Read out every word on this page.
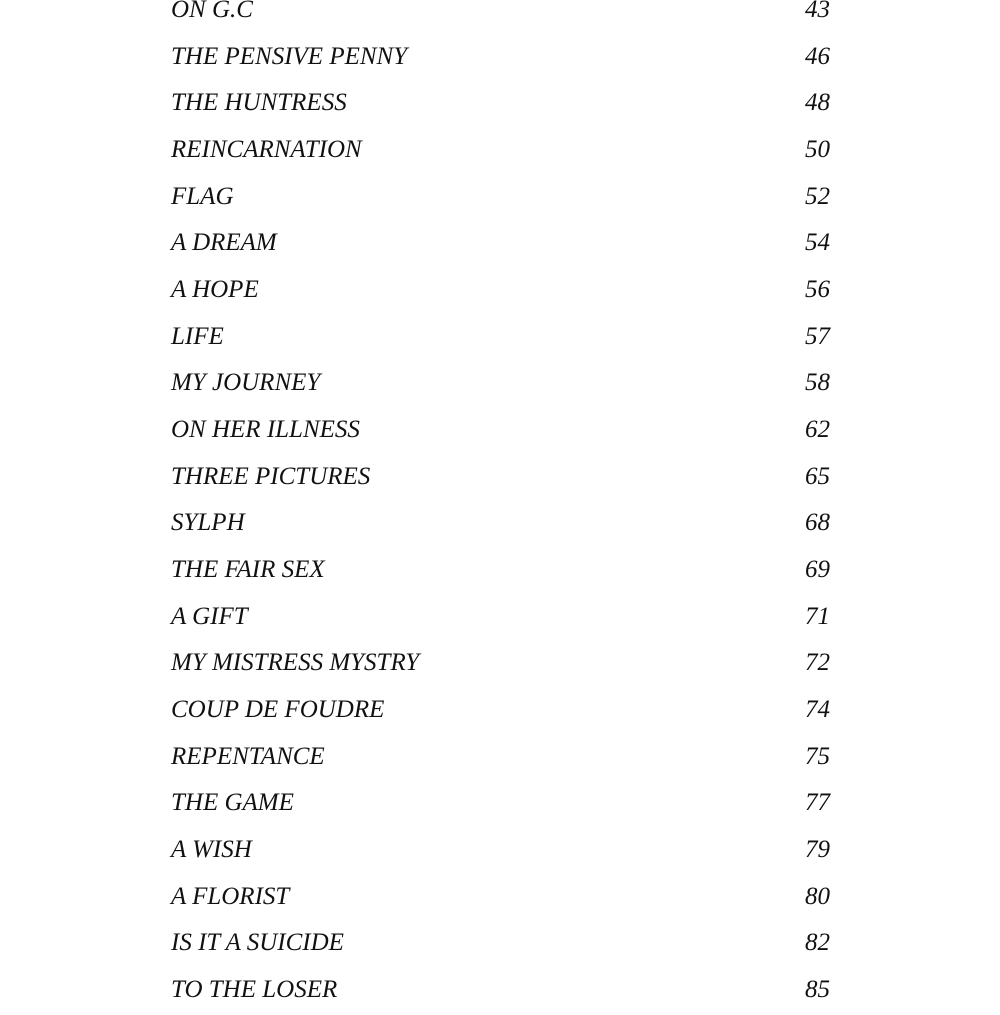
ON G.C	43
THE PENSIVE PENNY	46
THE HUNTRESS	48
REINCARNATION	50
FLAG	52
A DREAM	54
A HOPE	56
LIFE	57
MY JOURNEY	58
ON HER ILLNESS	62
THREE PICTURES	65
SYLPH	68
THE FAIR SEX	69
A GIFT	71
MY MISTRESS MYSTRY	72
COUP DE FOUDRE	74
REPENTANCE	75
THE GAME	77
A WISH	79
A FLORIST	80
IS IT A SUICIDE	82
TO THE LOSER	85
